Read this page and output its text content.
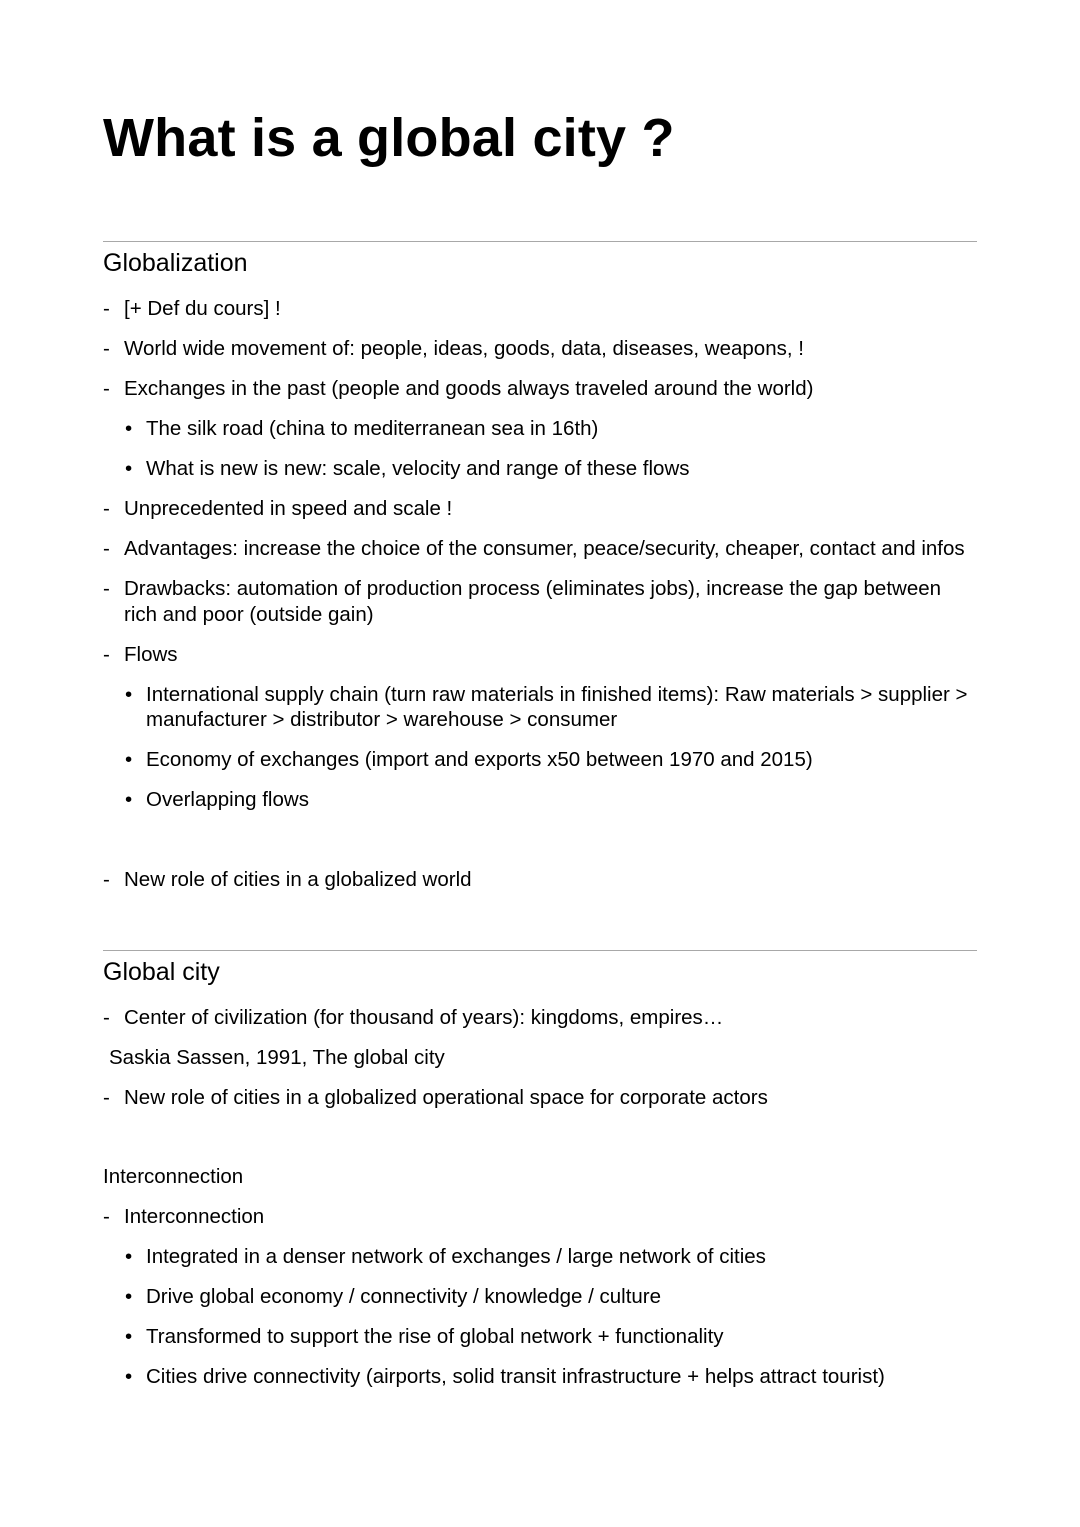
What is a global city ?
Globalization
- [+ Def du cours] !
- World wide movement of: people, ideas, goods, data, diseases, weapons, !
- Exchanges in the past (people and goods always traveled around the world)
• The silk road (china to mediterranean sea in 16th)
• What is new is new: scale, velocity and range of these flows
- Unprecedented in speed and scale !
- Advantages: increase the choice of the consumer, peace/security, cheaper, contact and infos
- Drawbacks: automation of production process (eliminates jobs), increase the gap between rich and poor (outside gain)
- Flows
• International supply chain (turn raw materials in finished items): Raw materials > supplier > manufacturer > distributor > warehouse > consumer
• Economy of exchanges (import and exports x50 between 1970 and 2015)
• Overlapping flows
- New role of cities in a globalized world
Global city
- Center of civilization (for thousand of years): kingdoms, empires…
Saskia Sassen, 1991, The global city
- New role of cities in a globalized operational space for corporate actors
Interconnection
- Interconnection
• Integrated in a denser network of exchanges / large network of cities
• Drive global economy / connectivity / knowledge / culture
• Transformed to support the rise of global network + functionality
• Cities drive connectivity (airports, solid transit infrastructure + helps attract tourist)
